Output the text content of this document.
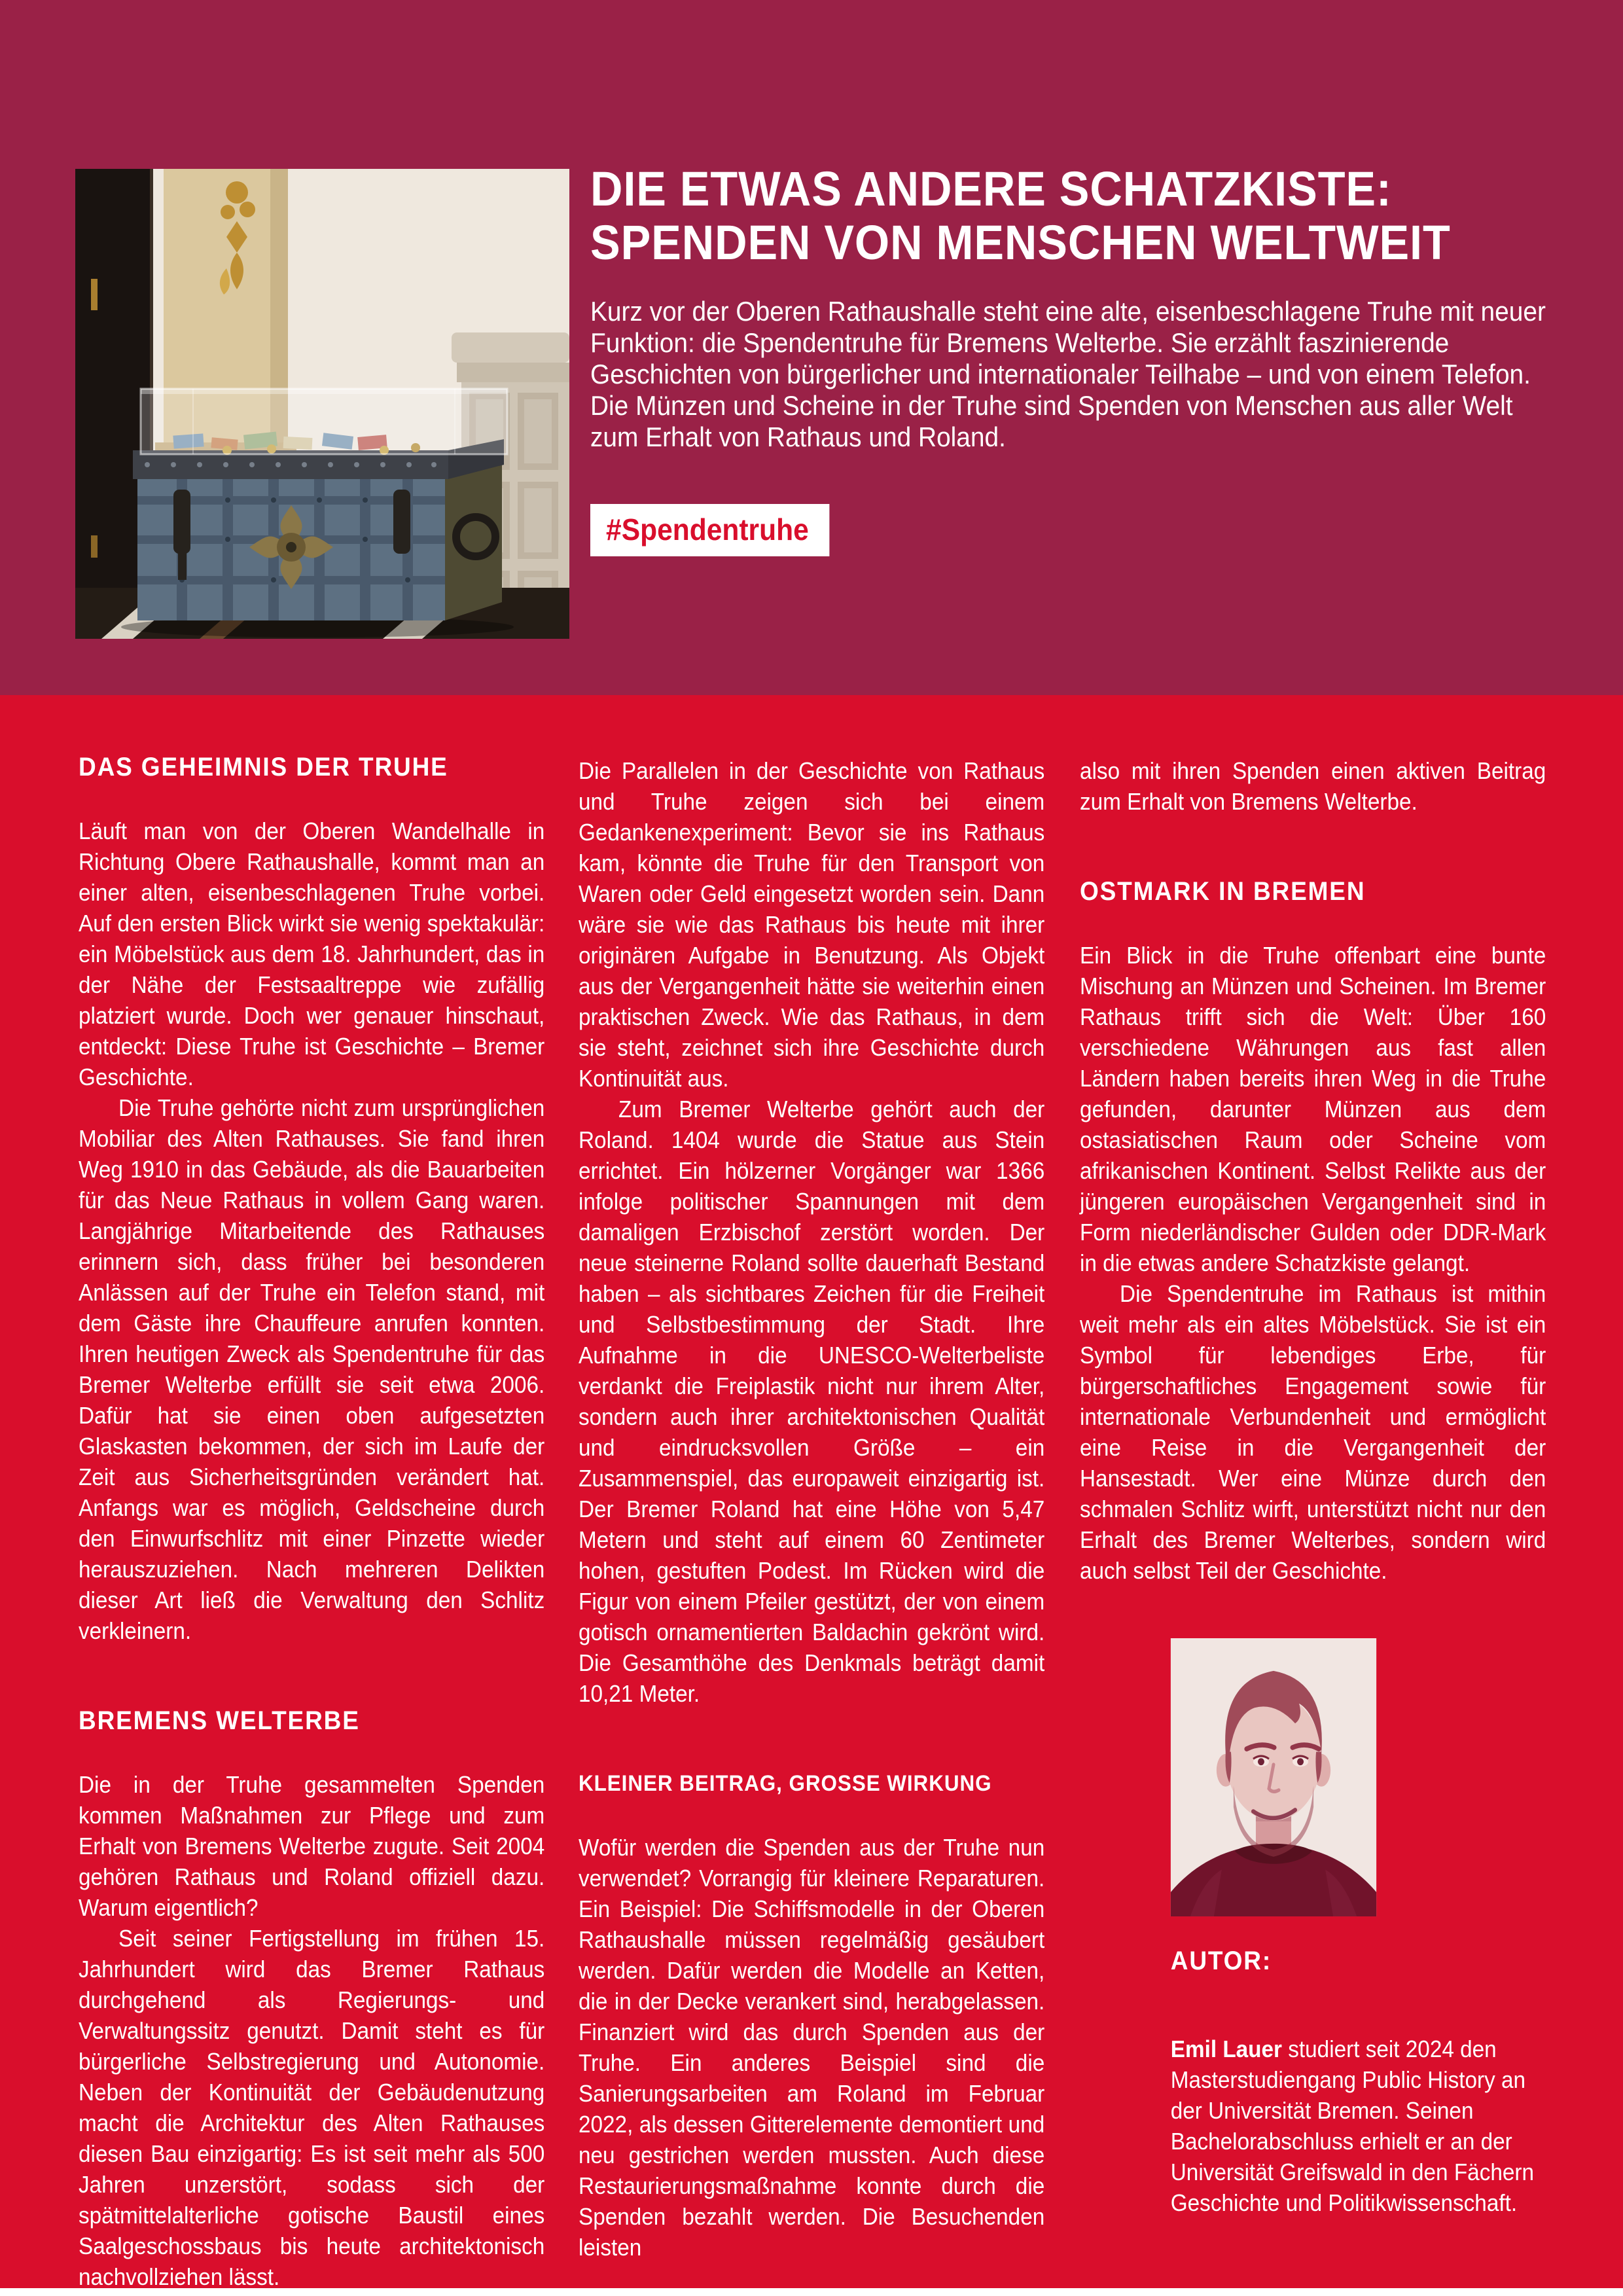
DIE ETWAS ANDERE SCHATZKISTE:
SPENDEN VON MENSCHEN WELTWEIT

Kurz vor der Oberen Rathaushalle steht eine alte, eisenbeschlagene Truhe mit neuer Funktion: die Spendentruhe für Bremens Welterbe. Sie erzählt faszinierende Geschichten von bürgerlicher und internationaler Teilhabe – und von einem Telefon. Die Münzen und Scheine in der Truhe sind Spenden von Menschen aus aller Welt zum Erhalt von Rathaus und Roland.

#Spendentruhe
DAS GEHEIMNIS DER TRUHE

Läuft man von der Oberen Wandelhalle in Richtung Obere Rathaushalle, kommt man an einer alten, eisenbeschlagenen Truhe vorbei. Auf den ersten Blick wirkt sie wenig spektakulär: ein Möbelstück aus dem 18. Jahrhundert, das in der Nähe der Festsaaltreppe wie zufällig platziert wurde. Doch wer genauer hinschaut, entdeckt: Diese Truhe ist Geschichte – Bremer Geschichte.

Die Truhe gehörte nicht zum ursprünglichen Mobiliar des Alten Rathauses. Sie fand ihren Weg 1910 in das Gebäude, als die Bauarbeiten für das Neue Rathaus in vollem Gang waren. Langjährige Mitarbeitende des Rathauses erinnern sich, dass früher bei besonderen Anlässen auf der Truhe ein Telefon stand, mit dem Gäste ihre Chauffeure anrufen konnten. Ihren heutigen Zweck als Spendentruhe für das Bremer Welterbe erfüllt sie seit etwa 2006. Dafür hat sie einen oben aufgesetzten Glaskasten bekommen, der sich im Laufe der Zeit aus Sicherheitsgründen verändert hat. Anfangs war es möglich, Geldscheine durch den Einwurfschlitz mit einer Pinzette wieder herauszuziehen. Nach mehreren Delikten dieser Art ließ die Verwaltung den Schlitz verkleinern.

BREMENS WELTERBE

Die in der Truhe gesammelten Spenden kommen Maßnahmen zur Pflege und zum Erhalt von Bremens Welterbe zugute. Seit 2004 gehören Rathaus und Roland offiziell dazu. Warum eigentlich?

Seit seiner Fertigstellung im frühen 15. Jahrhundert wird das Bremer Rathaus durchgehend als Regierungs- und Verwaltungssitz genutzt. Damit steht es für bürgerliche Selbstregierung und Autonomie. Neben der Kontinuität der Gebäudenutzung macht die Architektur des Alten Rathauses diesen Bau einzigartig: Es ist seit mehr als 500 Jahren unzerstört, sodass sich der spätmittelalterliche gotische Baustil eines Saalgeschossbaus bis heute architektonisch nachvollziehen lässt.

Die Parallelen in der Geschichte von Rathaus und Truhe zeigen sich bei einem Gedankenexperiment: Bevor sie ins Rathaus kam, könnte die Truhe für den Transport von Waren oder Geld eingesetzt worden sein. Dann wäre sie wie das Rathaus bis heute mit ihrer originären Aufgabe in Benutzung. Als Objekt aus der Vergangenheit hätte sie weiterhin einen praktischen Zweck. Wie das Rathaus, in dem sie steht, zeichnet sich ihre Geschichte durch Kontinuität aus.

Zum Bremer Welterbe gehört auch der Roland. 1404 wurde die Statue aus Stein errichtet. Ein hölzerner Vorgänger war 1366 infolge politischer Spannungen mit dem damaligen Erzbischof zerstört worden. Der neue steinerne Roland sollte dauerhaft Bestand haben – als sichtbares Zeichen für die Freiheit und Selbstbestimmung der Stadt. Ihre Aufnahme in die UNESCO-Welterbeliste verdankt die Freiplastik nicht nur ihrem Alter, sondern auch ihrer architektonischen Qualität und eindrucksvollen Größe – ein Zusammenspiel, das europaweit einzigartig ist. Der Bremer Roland hat eine Höhe von 5,47 Metern und steht auf einem 60 Zentimeter hohen, gestuften Podest. Im Rücken wird die Figur von einem Pfeiler gestützt, der von einem gotisch ornamentierten Baldachin gekrönt wird. Die Gesamthöhe des Denkmals beträgt damit 10,21 Meter.

KLEINER BEITRAG, GROSSE WIRKUNG

Wofür werden die Spenden aus der Truhe nun verwendet? Vorrangig für kleinere Reparaturen. Ein Beispiel: Die Schiffsmodelle in der Oberen Rathaushalle müssen regelmäßig gesäubert werden. Dafür werden die Modelle an Ketten, die in der Decke verankert sind, herabgelassen. Finanziert wird das durch Spenden aus der Truhe. Ein anderes Beispiel sind die Sanierungsarbeiten am Roland im Februar 2022, als dessen Gitterelemente demontiert und neu gestrichen werden mussten. Auch diese Restaurierungsmaßnahme konnte durch die Spenden bezahlt werden. Die Besuchenden leisten

also mit ihren Spenden einen aktiven Beitrag zum Erhalt von Bremens Welterbe.

OSTMARK IN BREMEN

Ein Blick in die Truhe offenbart eine bunte Mischung an Münzen und Scheinen. Im Bremer Rathaus trifft sich die Welt: Über 160 verschiedene Währungen aus fast allen Ländern haben bereits ihren Weg in die Truhe gefunden, darunter Münzen aus dem ostasiatischen Raum oder Scheine vom afrikanischen Kontinent. Selbst Relikte aus der jüngeren europäischen Vergangenheit sind in Form niederländischer Gulden oder DDR-Mark in die etwas andere Schatzkiste gelangt.

Die Spendentruhe im Rathaus ist mithin weit mehr als ein altes Möbelstück. Sie ist ein Symbol für lebendiges Erbe, für bürgerschaftliches Engagement sowie für internationale Verbundenheit und ermöglicht eine Reise in die Vergangenheit der Hansestadt. Wer eine Münze durch den schmalen Schlitz wirft, unterstützt nicht nur den Erhalt des Bremer Welterbes, sondern wird auch selbst Teil der Geschichte.

AUTOR:

Emil Lauer studiert seit 2024 den Masterstudiengang Public History an der Universität Bremen. Seinen Bachelorabschluss erhielt er an der Universität Greifswald in den Fächern Geschichte und Politikwissenschaft.
